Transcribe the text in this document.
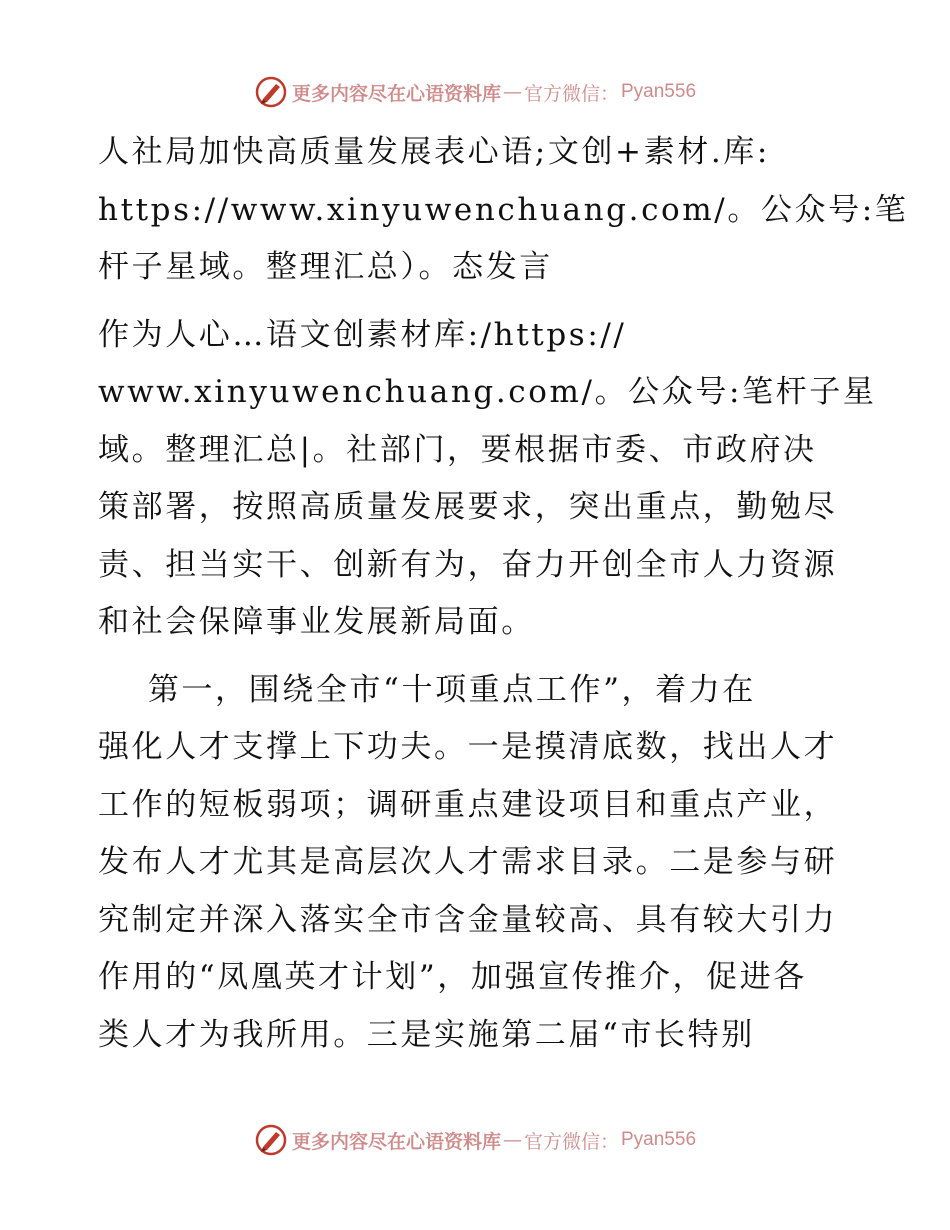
更多内容尽在心语资料库 — 官方微信： Pyan556

人社局加快高质量发展表心语;文创+素材.库:
https://www.xinyuwenchuang.com/。公众号:笔
杆子星域。整理汇总）。态发言

作为人心…语文创素材库:/https://
www.xinyuwenchuang.com/。公众号:笔杆子星
域。整理汇总|。社部门，要根据市委、市政府决
策部署，按照高质量发展要求，突出重点，勤勉尽
责、担当实干、创新有为，奋力开创全市人力资源
和社会保障事业发展新局面。

第一，围绕全市“十项重点工作”，着力在
强化人才支撑上下功夫。一是摸清底数，找出人才
工作的短板弱项；调研重点建设项目和重点产业，
发布人才尤其是高层次人才需求目录。二是参与研
究制定并深入落实全市含金量较高、具有较大引力
作用的“凤凰英才计划”，加强宣传推介，促进各
类人才为我所用。三是实施第二届“市长特别

更多内容尽在心语资料库 — 官方微信： Pyan556
